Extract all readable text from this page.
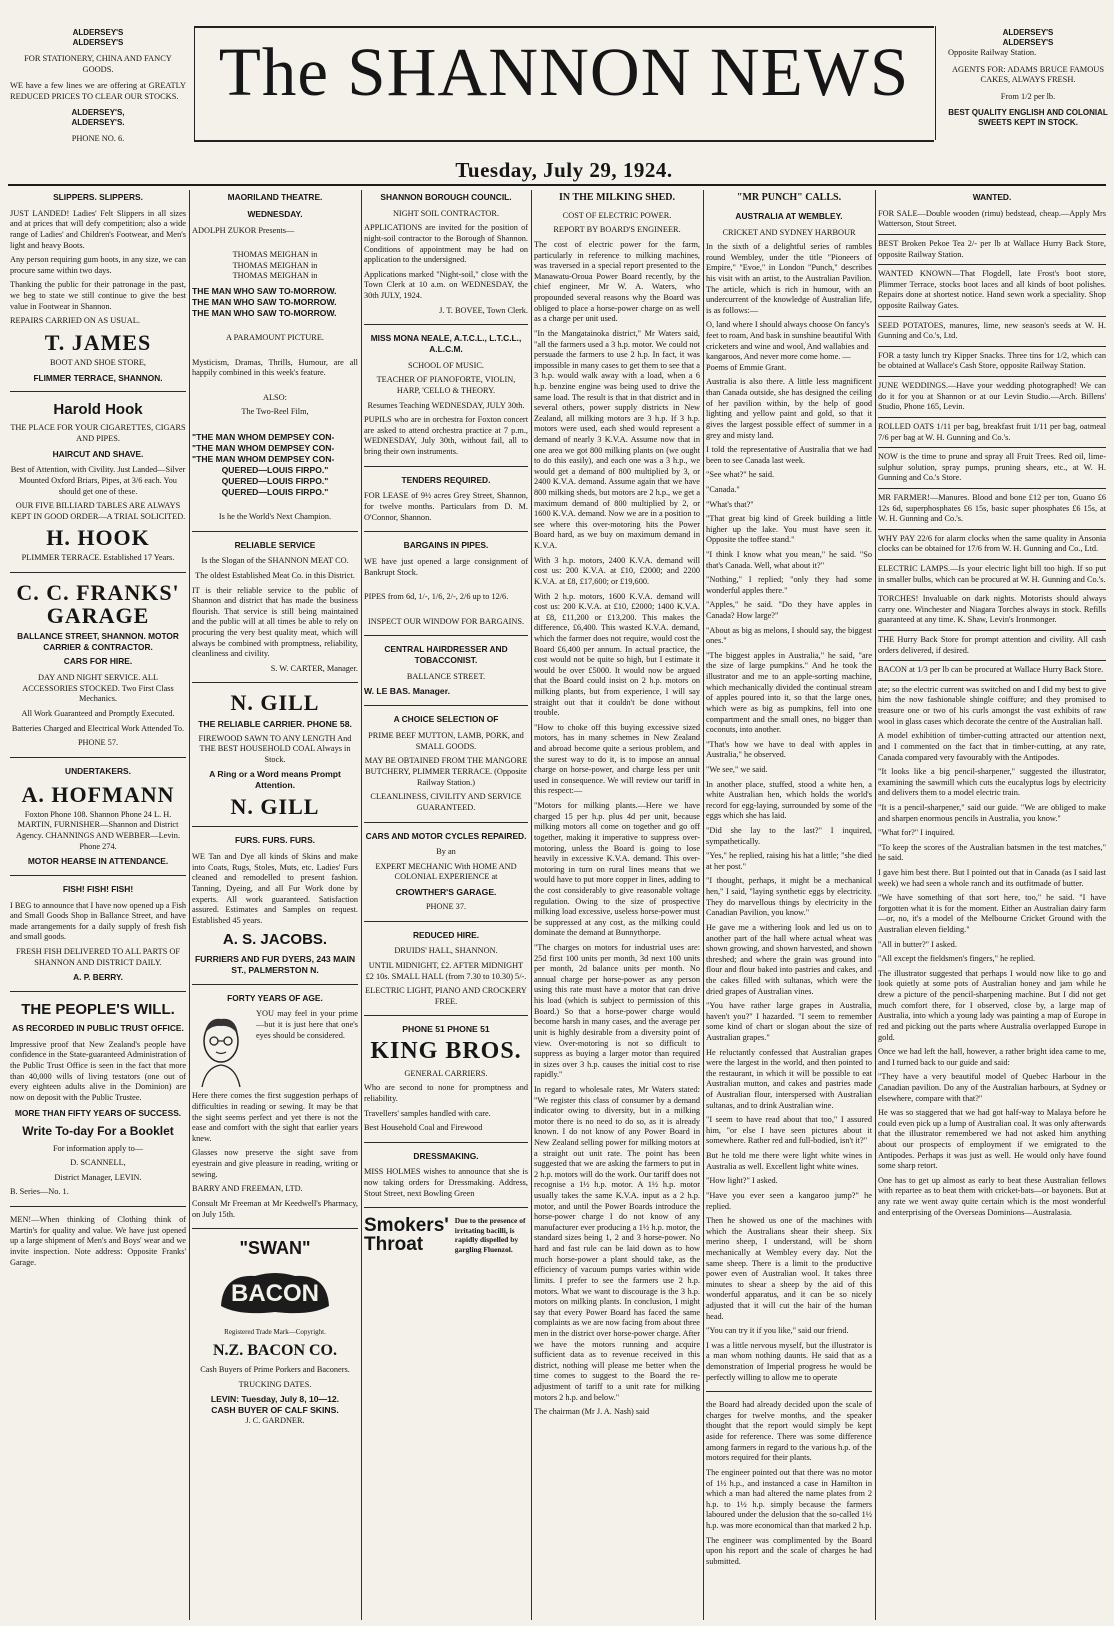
ALDERSEY'S

ALDERSEY'S

FOR STATIONERY, CHINA AND FANCY GOODS.

WE have a few lines we are offering at GREATLY REDUCED PRICES TO CLEAR OUR STOCKS.

ALDERSEY'S,

ALDERSEY'S.

PHONE NO. 6.

The SHANNON NEWS
Tuesday, July 29, 1924.

ALDERSEY'S

ALDERSEY'S

Opposite Railway Station.

AGENTS FOR: ADAMS BRUCE FAMOUS CAKES, ALWAYS FRESH.

From 1/2 per lb.

BEST QUALITY ENGLISH AND COLONIAL SWEETS KEPT IN STOCK.

SLIPPERS. SLIPPERS.

JUST LANDED! Ladies' Felt Slippers in all sizes and at prices that will defy competition; also a wide range of Ladies' and Children's Footwear, and Men's light and heavy Boots.

Any person requiring gum boots, in any size, we can procure same within two days.

Thanking the public for their patronage in the past, we beg to state we still continue to give the best value in Footwear in Shannon.

REPAIRS CARRIED ON AS USUAL.

T. JAMES

BOOT AND SHOE STORE,

FLIMMER TERRACE, SHANNON.

Harold Hook

THE PLACE FOR YOUR CIGARETTES, CIGARS AND PIPES.

HAIRCUT AND SHAVE.

Best of Attention, with Civility. Just Landed—Silver Mounted Oxford Briars, Pipes, at 3/6 each. You should get one of these.

OUR FIVE BILLIARD TABLES ARE ALWAYS KEPT IN GOOD ORDER—A TRIAL SOLICITED.

H. HOOK

PLIMMER TERRACE. Established 17 Years.

C. C. FRANKS' GARAGE

BALLANCE STREET, SHANNON. MOTOR CARRIER & CONTRACTOR.

CARS FOR HIRE.

DAY AND NIGHT SERVICE. ALL ACCESSORIES STOCKED. Two First Class Mechanics.

All Work Guaranteed and Promptly Executed.

Batteries Charged and Electrical Work Attended To.

PHONE 57.

UNDERTAKERS.
A. HOFMANN

Foxton Phone 108. Shannon Phone 24 L. H. MARTIN, FURNISHER—Shannon and District Agency. CHANNINGS AND WEBBER—Levin. Phone 274.

MOTOR HEARSE IN ATTENDANCE.
FISH! FISH! FISH!

I BEG to announce that I have now opened up a Fish and Small Goods Shop in Ballance Street, and have made arrangements for a daily supply of fresh fish and small goods.

FRESH FISH DELIVERED TO ALL PARTS OF SHANNON AND DISTRICT DAILY.

A. P. BERRY.

THE PEOPLE'S WILL.
AS RECORDED IN PUBLIC TRUST OFFICE.

Impressive proof that New Zealand's people have confidence in the State-guaranteed Administration of the Public Trust Office is seen in the fact that more than 40,000 wills of living testators (one out of every eighteen adults alive in the Dominion) are now on deposit with the Public Trustee.

MORE THAN FIFTY YEARS OF SUCCESS.
Write To-day For a Booklet

For information apply to—

D. SCANNELL,

District Manager, LEVIN.

B. Series—No. 1.

MEN!—When thinking of Clothing think of Martin's for quality and value. We have just opened up a large shipment of Men's and Boys' wear and we invite inspection. Note address: Opposite Franks' Garage.

MAORILAND THEATRE.
WEDNESDAY.

ADOLPH ZUKOR Presents—

THOMAS MEIGHAN in

THOMAS MEIGHAN in

THOMAS MEIGHAN in

THE MAN WHO SAW TO-MORROW.

THE MAN WHO SAW TO-MORROW.

THE MAN WHO SAW TO-MORROW.

A PARAMOUNT PICTURE.

Mysticism, Dramas, Thrills, Humour, are all happily combined in this week's feature.

ALSO:

The Two-Reel Film,

"THE MAN WHOM DEMPSEY CON-

"THE MAN WHOM DEMPSEY CON-

"THE MAN WHOM DEMPSEY CON-

QUERED—LOUIS FIRPO."

QUERED—LOUIS FIRPO."

QUERED—LOUIS FIRPO."

Is he the World's Next Champion.

RELIABLE SERVICE

Is the Slogan of the SHANNON MEAT CO.

The oldest Established Meat Co. in this District.

IT is their reliable service to the public of Shannon and district that has made the business flourish. That service is still being maintained and the public will at all times be able to rely on procuring the very best quality meat, which will always be combined with promptness, reliability, cleanliness and civility.

S. W. CARTER, Manager.

N. GILL

THE RELIABLE CARRIER. PHONE 58.

FIREWOOD SAWN TO ANY LENGTH And THE BEST HOUSEHOLD COAL Always in Stock.

A Ring or a Word means Prompt Attention.

N. GILL
FURS. FURS. FURS.

WE Tan and Dye all kinds of Skins and make into Coats, Rugs, Stoles, Muts, etc. Ladies' Furs cleaned and remodelled to present fashion. Tanning, Dyeing, and all Fur Work done by experts. All work guaranteed. Satisfaction assured. Estimates and Samples on request. Established 45 years.

A. S. JACOBS.

FURRIERS AND FUR DYERS, 243 MAIN ST., PALMERSTON N.

FORTY YEARS OF AGE.

YOU may feel in your prime—but it is just here that one's eyes should be considered.

Here there comes the first suggestion perhaps of difficulties in reading or sewing. It may be that the sight seems perfect and yet there is not the ease and comfort with the sight that earlier years knew.

Glasses now preserve the sight save from eyestrain and give pleasure in reading, writing or sewing.

BARRY AND FREEMAN, LTD.

Consult Mr Freeman at Mr Keedwell's Pharmacy, on July 15th.

"SWAN"
BACON

Registered Trade Mark—Copyright.

N.Z. BACON CO.

Cash Buyers of Prime Porkers and Baconers.

TRUCKING DATES.

LEVIN: Tuesday, July 8, 10—12.

CASH BUYER OF CALF SKINS.

J. C. GARDNER.

SHANNON BOROUGH COUNCIL.

NIGHT SOIL CONTRACTOR.

APPLICATIONS are invited for the position of night-soil contractor to the Borough of Shannon. Conditions of appointment may be had on application to the undersigned.

Applications marked "Night-soil," close with the Town Clerk at 10 a.m. on WEDNESDAY, the 30th JULY, 1924.

J. T. BOVEE, Town Clerk.

MISS MONA NEALE, A.T.C.L., L.T.C.L., A.L.C.M.

SCHOOL OF MUSIC.

TEACHER OF PIANOFORTE, VIOLIN, HARP, 'CELLO & THEORY.

Resumes Teaching WEDNESDAY, JULY 30th.

PUPILS who are in orchestra for Foxton concert are asked to attend orchestra practice at 7 p.m., WEDNESDAY, July 30th, without fail, all to bring their own instruments.

TENDERS REQUIRED.

FOR LEASE of 9½ acres Grey Street, Shannon, for twelve months. Particulars from D. M. O'Connor, Shannon.

BARGAINS IN PIPES.

WE have just opened a large consignment of Bankrupt Stock.

PIPES from 6d, 1/-, 1/6, 2/-, 2/6 up to 12/6.

INSPECT OUR WINDOW FOR BARGAINS.

CENTRAL HAIRDRESSER AND TOBACCONIST.

BALLANCE STREET.

W. LE BAS. Manager.

A CHOICE SELECTION OF

PRIME BEEF MUTTON, LAMB, PORK, and SMALL GOODS.

MAY BE OBTAINED FROM THE MANGORE BUTCHERY, PLIMMER TERRACE. (Opposite Railway Station.)

CLEANLINESS, CIVILITY AND SERVICE GUARANTEED.

CARS AND MOTOR CYCLES REPAIRED.

By an

EXPERT MECHANIC With HOME AND COLONIAL EXPERIENCE at

CROWTHER'S GARAGE.

PHONE 37.

REDUCED HIRE.

DRUIDS' HALL, SHANNON.

UNTIL MIDNIGHT, £2. AFTER MIDNIGHT £2 10s. SMALL HALL (from 7.30 to 10.30) 5/-.

ELECTRIC LIGHT, PIANO AND CROCKERY FREE.

PHONE 51 PHONE 51

KING BROS.

GENERAL CARRIERS.

Who are second to none for promptness and reliability.

Travellers' samples handled with care.

Best Household Coal and Firewood

DRESSMAKING.

MISS HOLMES wishes to announce that she is now taking orders for Dressmaking. Address, Stout Street, next Bowling Green

Smokers'
Throat

Due to the presence of irritating bacilli, is rapidly dispelled by gargling Fluenzol.

IN THE MILKING SHED.

COST OF ELECTRIC POWER.

REPORT BY BOARD'S ENGINEER.

The cost of electric power for the farm, particularly in reference to milking machines, was traversed in a special report presented to the Manawatu-Oroua Power Board recently, by the chief engineer, Mr W. A. Waters, who propounded several reasons why the Board was obliged to place a horse-power charge on as well as a charge per unit used.

"In the Mangatainoka district," Mr Waters said, "all the farmers used a 3 h.p. motor. We could not persuade the farmers to use 2 h.p. In fact, it was impossible in many cases to get them to see that a 3 h.p. would walk away with a load, when a 6 h.p. benzine engine was being used to drive the same load. The result is that in that district and in several others, power supply districts in New Zealand, all milking motors are 3 h.p. If 3 h.p. motors were used, each shed would represent a demand of nearly 3 K.V.A. Assume now that in one area we got 800 milking plants on (we ought to do this easily), and each one was a 3 h.p., we would get a demand of 800 multiplied by 3, or 2400 K.V.A. demand. Assume again that we have 800 milking sheds, but motors are 2 h.p., we get a maximum demand of 800 multiplied by 2, or 1600 K.V.A. demand. Now we are in a position to see where this over-motoring hits the Power Board hard, as we buy on maximum demand in K.V.A.

With 3 h.p. motors, 2400 K.V.A. demand will cost us: 200 K.V.A. at £10, £2000; and 2200 K.V.A. at £8, £17,600; or £19,600.

With 2 h.p. motors, 1600 K.V.A. demand will cost us: 200 K.V.A. at £10, £2000; 1400 K.V.A. at £8, £11,200 or £13,200. This makes the difference, £6,400. This wasted K.V.A. demand, which the farmer does not require, would cost the Board £6,400 per annum. In actual practice, the cost would not be quite so high, but I estimate it would be over £5000. It would now be argued that the Board could insist on 2 h.p. motors on milking plants, but from experience, I will say straight out that it couldn't be done without trouble.

"How to choke off this buying excessive sized motors, has in many schemes in New Zealand and abroad become quite a serious problem, and the surest way to do it, is to impose an annual charge on horse-power, and charge less per unit used in consequence. We will review our tariff in this respect:—

"Motors for milking plants.—Here we have charged 15 per h.p. plus 4d per unit, because milking motors all come on together and go off together, making it imperative to suppress over-motoring, unless the Board is going to lose heavily in excessive K.V.A. demand. This over-motoring in turn on rural lines means that we would have to put more copper in lines, adding to the cost considerably to give reasonable voltage regulation. Owing to the size of prospective milking load excessive, useless horse-power must be suppressed at any cost, as the milking could dominate the demand at Bunnythorpe.

"The charges on motors for industrial uses are: 25d first 100 units per month, 3d next 100 units per month, 2d balance units per month. No annual charge per horse-power as any person using this rate must have a motor that can drive his load (which is subject to permission of this Board.) So that a horse-power charge would become harsh in many cases, and the average per unit is highly desirable from a diversity point of view. Over-motoring is not so difficult to suppress as buying a larger motor than required in sizes over 3 h.p. causes the initial cost to rise rapidly."

In regard to wholesale rates, Mr Waters stated: "We register this class of consumer by a demand indicator owing to diversity, but in a milking motor there is no need to do so, as it is already known. I do not know of any Power Board in New Zealand selling power for milking motors at a straight out unit rate. The point has been suggested that we are asking the farmers to put in 2 h.p. motors will do the work. Our tariff does not recognise a 1½ h.p. motor. A 1½ h.p. motor usually takes the same K.V.A. input as a 2 h.p. motor, and until the Power Boards introduce the horse-power charge I do not know of any manufacturer ever producing a 1½ h.p. motor, the standard sizes being 1, 2 and 3 horse-power. No hard and fast rule can be laid down as to how much horse-power a plant should take, as the efficiency of vacuum pumps varies within wide limits. I prefer to see the farmers use 2 h.p. motors. What we want to discourage is the 3 h.p. motors on milking plants. In conclusion, I might say that every Power Board has faced the same complaints as we are now facing from about three men in the district over horse-power charge. After we have the motors running and acquire sufficient data as to revenue received in this district, nothing will please me better when the time comes to suggest to the Board the re-adjustment of tariff to a unit rate for milking motors 2 h.p. and below."

The chairman (Mr J. A. Nash) said

"MR PUNCH" CALLS.
AUSTRALIA AT WEMBLEY.

CRICKET AND SYDNEY HARBOUR

In the sixth of a delightful series of rambles round Wembley, under the title "Pioneers of Empire," "Evoe," in London "Punch," describes his visit with an artist, to the Australian Pavilion. The article, which is rich in humour, with an undercurrent of the knowledge of Australian life, is as follows:—

O, land where I should always choose On fancy's feet to roam, And bask in sunshine beautiful With cricketers and wine and wool, And wallabies and kangaroos, And never more come home. —Poems of Emmie Grant.

Australia is also there. A little less magnificent than Canada outside, she has designed the ceiling of her pavilion within, by the help of good lighting and yellow paint and gold, so that it gives the largest possible effect of summer in a grey and misty land.

I told the representative of Australia that we had been to see Canada last week.

"See what?" he said.

"Canada."

"What's that?"

"That great big kind of Greek building a little higher up the lake. You must have seen it. Opposite the toffee stand."

"I think I know what you mean," he said. "So that's Canada. Well, what about it?"

"Nothing," I replied; "only they had some wonderful apples there."

"Apples," he said. "Do they have apples in Canada? How large?"

"About as big as melons, I should say, the biggest ones."

"The biggest apples in Australia," he said, "are the size of large pumpkins." And he took the illustrator and me to an apple-sorting machine, which mechanically divided the continual stream of apples poured into it, so that the large ones, which were as big as pumpkins, fell into one compartment and the small ones, no bigger than coconuts, into another.

"That's how we have to deal with apples in Australia," he observed.

"We see," we said.

In another place, stuffed, stood a white hen, a white Australian hen, which holds the world's record for egg-laying, surrounded by some of the eggs which she has laid.

"Did she lay to the last?" I inquired, sympathetically.

"Yes," he replied, raising his hat a little; "she died at her post."

"I thought, perhaps, it might be a mechanical hen," I said, "laying synthetic eggs by electricity. They do marvellous things by electricity in the Canadian Pavilion, you know."

He gave me a withering look and led us on to another part of the hall where actual wheat was shown growing, and shown harvested, and shown threshed; and where the grain was ground into flour and flour baked into pastries and cakes, and the cakes filled with sultanas, which were the dried grapes of Australian vines.

"You have rather large grapes in Australia, haven't you?" I hazarded. "I seem to remember some kind of chart or slogan about the size of Australian grapes."

He reluctantly confessed that Australian grapes were the largest in the world, and then pointed to the restaurant, in which it will be possible to eat Australian mutton, and cakes and pastries made of Australian flour, interspersed with Australian sultanas, and to drink Australian wine.

"I seem to have read about that too," I assured him, "or else I have seen pictures about it somewhere. Rather red and full-bodied, isn't it?"

But he told me there were light white wines in Australia as well. Excellent light white wines.

"How light?" I asked.

"Have you ever seen a kangaroo jump?" he replied.

Then he showed us one of the machines with which the Australians shear their sheep. Six merino sheep, I understand, will be shorn mechanically at Wembley every day. Not the same sheep. There is a limit to the productive power even of Australian wool. It takes three minutes to shear a sheep by the aid of this wonderful apparatus, and it can be so nicely adjusted that it will cut the hair of the human head.

"You can try it if you like," said our friend.

I was a little nervous myself, but the illustrator is a man whom nothing daunts. He said that as a demonstration of Imperial progress he would be perfectly willing to allow me to operate

the Board had already decided upon the scale of charges for twelve months, and the speaker thought that the report would simply be kept aside for reference. There was some difference among farmers in regard to the various h.p. of the motors required for their plants.

The engineer pointed out that there was no motor of 1½ h.p., and instanced a case in Hamilton in which a man had altered the name plates from 2 h.p. to 1½ h.p. simply because the farmers laboured under the delusion that the so-called 1½ h.p. was more economical than that marked 2 h.p.

The engineer was complimented by the Board upon his report and the scale of charges he had submitted.

WANTED.

FOR SALE—Double wooden (rimu) bedstead, cheap.—Apply Mrs Watterson, Stout Street.

BEST Broken Pekoe Tea 2/- per lb at Wallace Hurry Back Store, opposite Railway Station.

WANTED KNOWN—That Flogdell, late Frost's boot store, Plimmer Terrace, stocks boot laces and all kinds of boot polishes. Repairs done at shortest notice. Hand sewn work a speciality. Shop opposite Railway Gates.

SEED POTATOES, manures, lime, new season's seeds at W. H. Gunning and Co.'s, Ltd.

FOR a tasty lunch try Kipper Snacks. Three tins for 1/2, which can be obtained at Wallace's Cash Store, opposite Railway Station.

JUNE WEDDINGS.—Have your wedding photographed! We can do it for you at Shannon or at our Levin Studio.—Arch. Billens' Studio, Phone 165, Levin.

ROLLED OATS 1/11 per bag, breakfast fruit 1/11 per bag, oatmeal 7/6 per bag at W. H. Gunning and Co.'s.

NOW is the time to prune and spray all Fruit Trees. Red oil, lime-sulphur solution, spray pumps, pruning shears, etc., at W. H. Gunning and Co.'s Store.

MR FARMER!—Manures. Blood and bone £12 per ton, Guano £6 12s 6d, superphosphates £6 15s, basic super phosphates £6 15s, at W. H. Gunning and Co.'s.

WHY PAY 22/6 for alarm clocks when the same quality in Ansonia clocks can be obtained for 17/6 from W. H. Gunning and Co., Ltd.

ELECTRIC LAMPS.—Is your electric light bill too high. If so put in smaller bulbs, which can be procured at W. H. Gunning and Co.'s.

TORCHES! Invaluable on dark nights. Motorists should always carry one. Winchester and Niagara Torches always in stock. Refills guaranteed at any time. K. Shaw, Levin's Ironmonger.

THE Hurry Back Store for prompt attention and civility. All cash orders delivered, if desired.

BACON at 1/3 per lb can be procured at Wallace Hurry Back Store.

ate; so the electric current was switched on and I did my best to give him the now fashionable shingle coiffure; and they promised to treasure one or two of his curls amongst the vast exhibits of raw wool in glass cases which decorate the centre of the Australian hall.

A model exhibition of timber-cutting attracted our attention next, and I commented on the fact that in timber-cutting, at any rate, Canada compared very favourably with the Antipodes.

"It looks like a big pencil-sharpener," suggested the illustrator, examining the sawmill which cuts the eucalyptus logs by electricity and delivers them to a model electric train.

"It is a pencil-sharpener," said our guide. "We are obliged to make and sharpen enormous pencils in Australia, you know."

"What for?" I inquired.

"To keep the scores of the Australian batsmen in the test matches," he said.

I gave him best there. But I pointed out that in Canada (as I said last week) we had seen a whole ranch and its outfitmade of butter.

"We have something of that sort here, too," he said. "I have forgotten what it is for the moment. Either an Australian dairy farm—or, no, it's a model of the Melbourne Cricket Ground with the Australian eleven fielding."

"All in butter?" I asked.

"All except the fieldsmen's fingers," he replied.

The illustrator suggested that perhaps I would now like to go and look quietly at some pots of Australian honey and jam while he drew a picture of the pencil-sharpening machine. But I did not get much comfort there, for I observed, close by, a large map of Australia, into which a young lady was painting a map of Europe in red and picking out the parts where Australia overlapped Europe in gold.

Once we had left the hall, however, a rather bright idea came to me, and I turned back to our guide and said:

"They have a very beautiful model of Quebec Harbour in the Canadian pavilion. Do any of the Australian harbours, at Sydney or elsewhere, compare with that?"

He was so staggered that we had got half-way to Malaya before he could even pick up a lump of Australian coal. It was only afterwards that the illustrator remembered we had not asked him anything about our prospects of employment if we emigrated to the Antipodes. Perhaps it was just as well. He would only have found some sharp retort.

One has to get up almost as early to beat these Australian fellows with repartee as to beat them with cricket-bats—or bayonets. But at any rate we went away quite certain which is the most wonderful and enterprising of the Overseas Dominions—Australasia.
